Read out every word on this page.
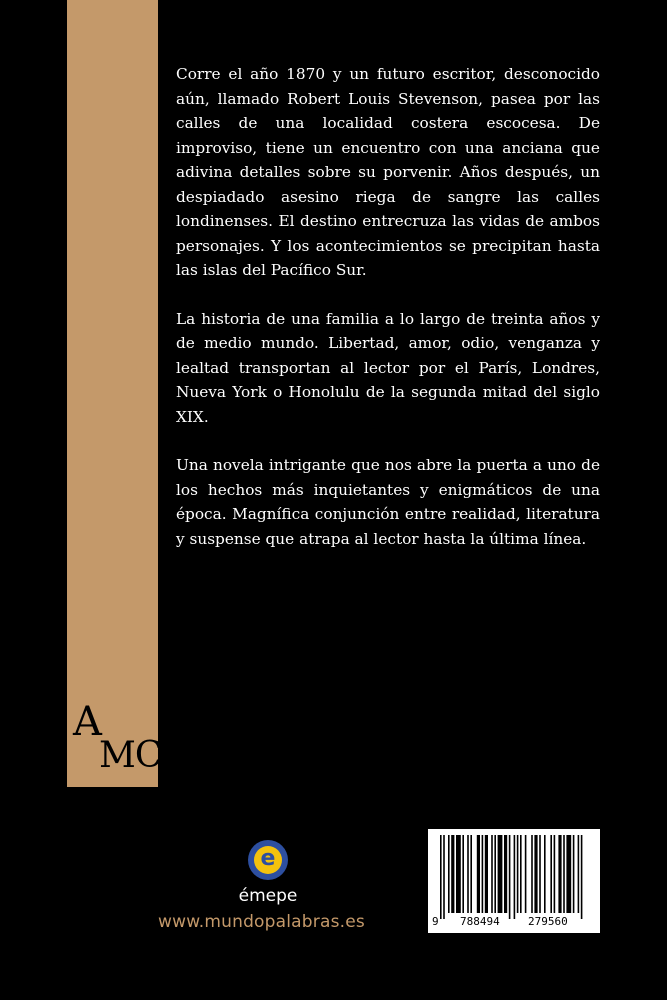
A
MC

Corre el año 1870 y un futuro escritor, desconocido aún, llamado Robert Louis Stevenson, pasea por las calles de una localidad costera escocesa. De improviso, tiene un encuentro con una anciana que adivina detalles sobre su porvenir. Años después, un despiadado asesino riega de sangre las calles londinenses. El destino entrecruza las vidas de ambos personajes. Y los acontecimientos se precipitan hasta las islas del Pacífico Sur.

La historia de una familia a lo largo de treinta años y de medio mundo. Libertad, amor, odio, venganza y lealtad transportan al lector por el París, Londres, Nueva York o Honolulu de la segunda mitad del siglo XIX.

Una novela intrigante que nos abre la puerta a uno de los hechos más inquietantes y enigmáticos de una época. Magnífica conjunción entre realidad, literatura y suspense que atrapa al lector hasta la última línea.

e
émepe
www.mundopalabras.es	9 788494	279560
